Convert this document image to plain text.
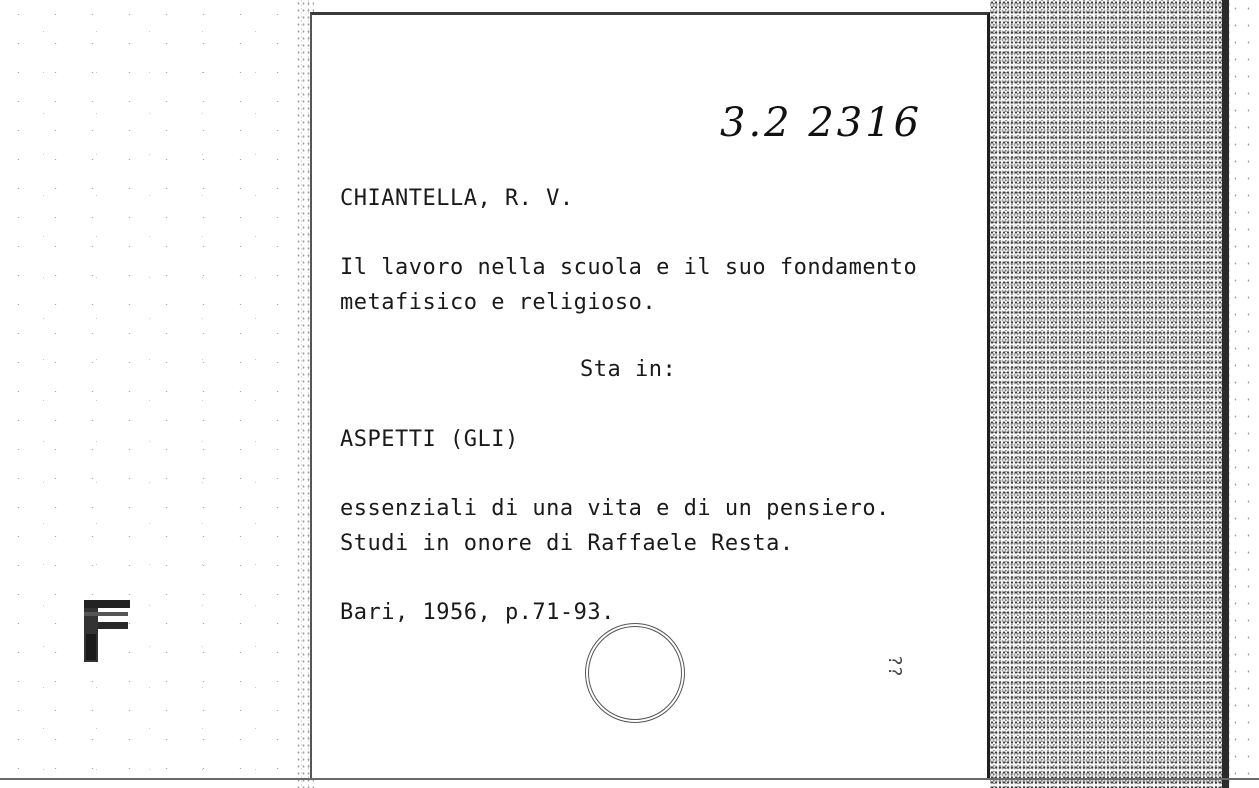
3.2 2316
CHIANTELLA, R. V.
Il lavoro nella scuola e il suo fondamento
metafisico e religioso.
Sta in:
ASPETTI (GLI)
essenziali di una vita e di un pensiero.
Studi in onore di Raffaele Resta.
Bari, 1956, p.71-93.
??
